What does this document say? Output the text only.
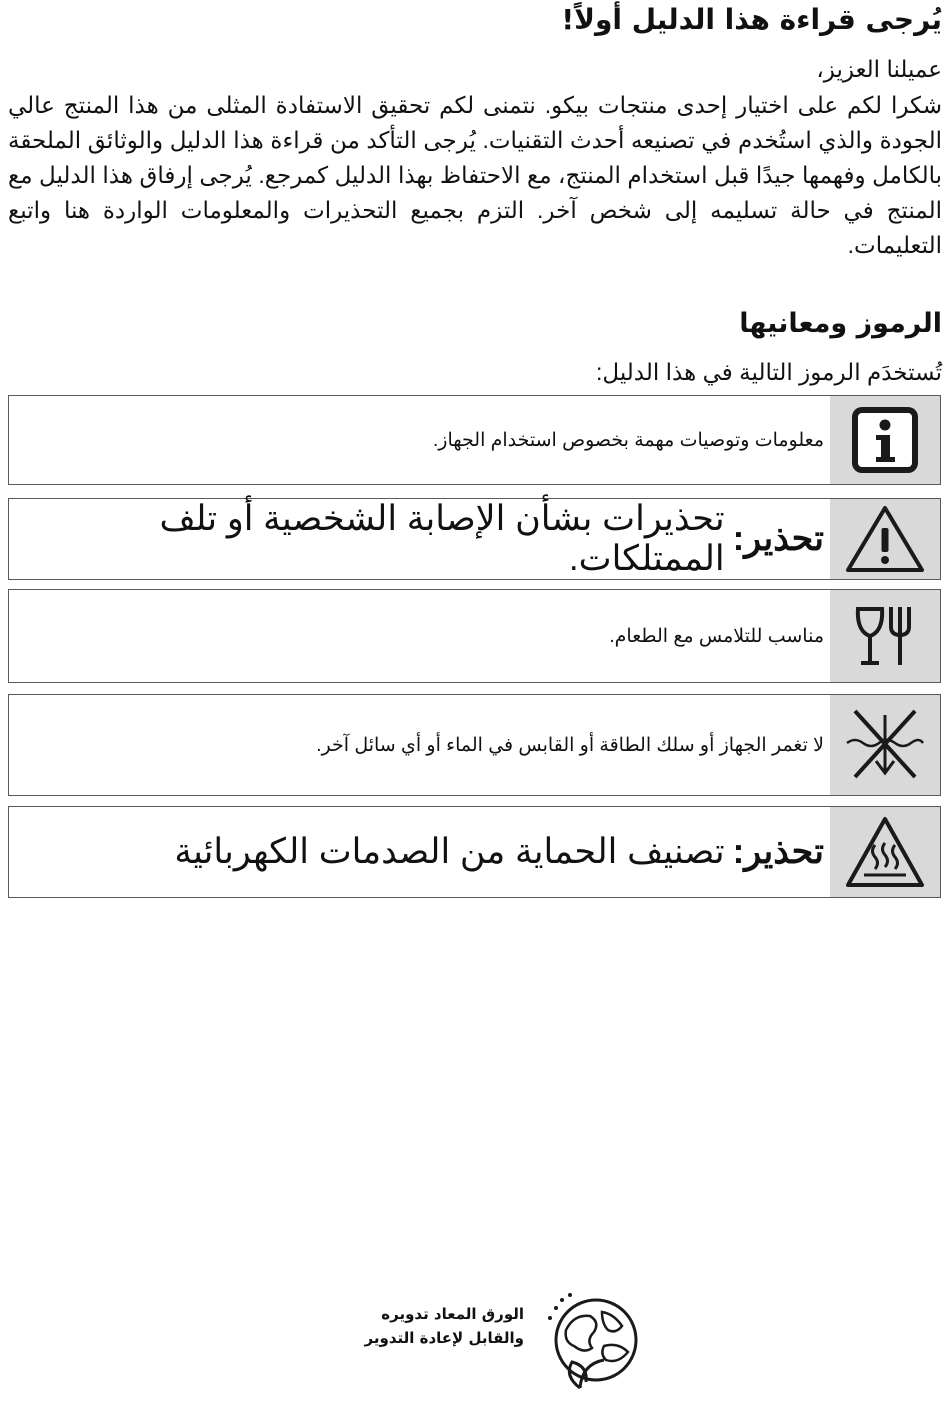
يُرجى قراءة هذا الدليل أولاً!
عميلنا العزيز،
شكرا لكم على اختيار إحدى منتجات بيكو. نتمنى لكم تحقيق الاستفادة المثلى من هذا المنتج عالي الجودة والذي استُخدم في تصنيعه أحدث التقنيات. يُرجى التأكد من قراءة هذا الدليل والوثائق الملحقة بالكامل وفهمها جيدًا قبل استخدام المنتج، مع الاحتفاظ بهذا الدليل كمرجع. يُرجى إرفاق هذا الدليل مع المنتج في حالة تسليمه إلى شخص آخر. التزم بجميع التحذيرات والمعلومات الواردة هنا واتبع التعليمات.
الرموز ومعانيها
تُستخدَم الرموز التالية في هذا الدليل:
معلومات وتوصيات مهمة بخصوص استخدام الجهاز.
تحذير:
تحذيرات بشأن الإصابة الشخصية أو تلف الممتلكات.
مناسب للتلامس مع الطعام.
لا تغمر الجهاز أو سلك الطاقة أو القابس في الماء أو أي سائل آخر.
تحذير:
تصنيف الحماية من الصدمات الكهربائية
الورق المعاد تدويره
والقابل لإعادة التدوير
